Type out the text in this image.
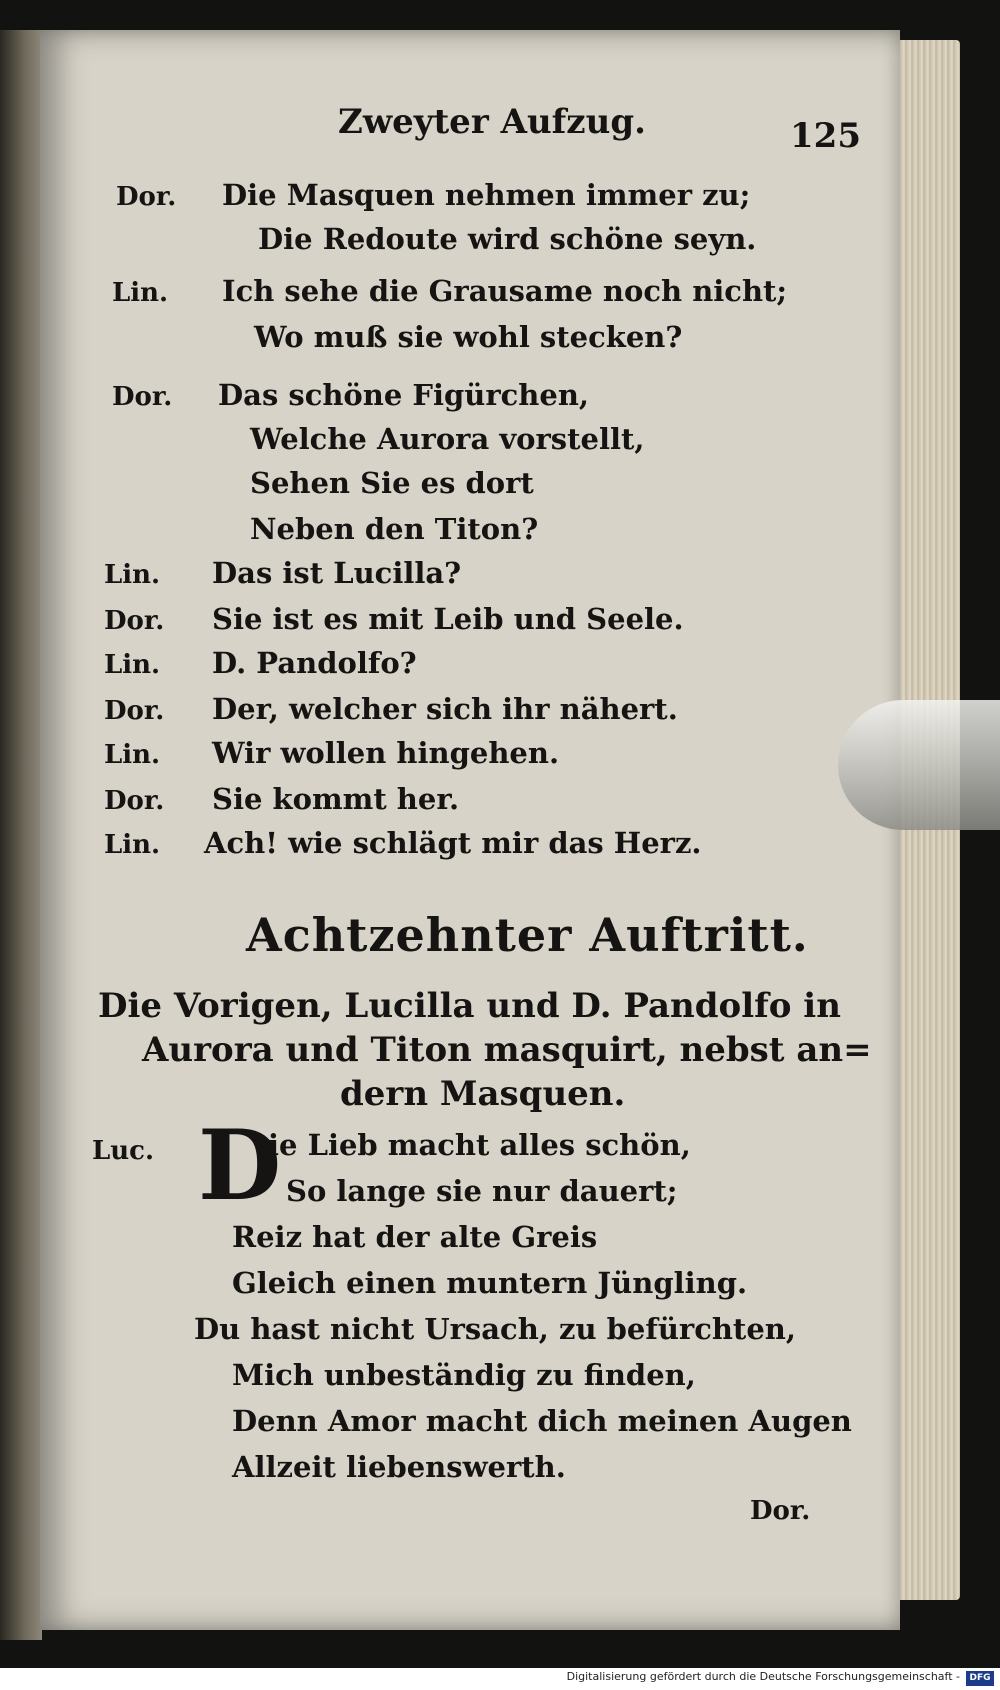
Zweyter Aufzug.	125
Dor. Die Masquen nehmen immer zu;
Die Redoute wird schöne seyn.
Lin. Ich sehe die Grausame noch nicht;
Wo muß sie wohl stecken?
Dor. Das schöne Figürchen,
Welche Aurora vorstellt,
Sehen Sie es dort
Neben den Titon?
Lin. Das ist Lucilla?
Dor. Sie ist es mit Leib und Seele.
Lin. D. Pandolfo?
Dor. Der, welcher sich ihr nähert.
Lin. Wir wollen hingehen.
Dor. Sie kommt her.
Lin. Ach! wie schlägt mir das Herz.
Achtzehnter Auftritt.
Die Vorigen, Lucilla und D. Pandolfo in
Aurora und Titon masquirt, nebst an=
dern Masquen.
Luc. D
ie Lieb macht alles schön,
So lange sie nur dauert;
Reiz hat der alte Greis
Gleich einen muntern Jüngling.
Du hast nicht Ursach, zu befürchten,
Mich unbeständig zu finden,
Denn Amor macht dich meinen Augen
Allzeit liebenswerth.
Dor.
Digitalisierung gefördert durch die Deutsche Forschungsgemeinschaft -	DFG
